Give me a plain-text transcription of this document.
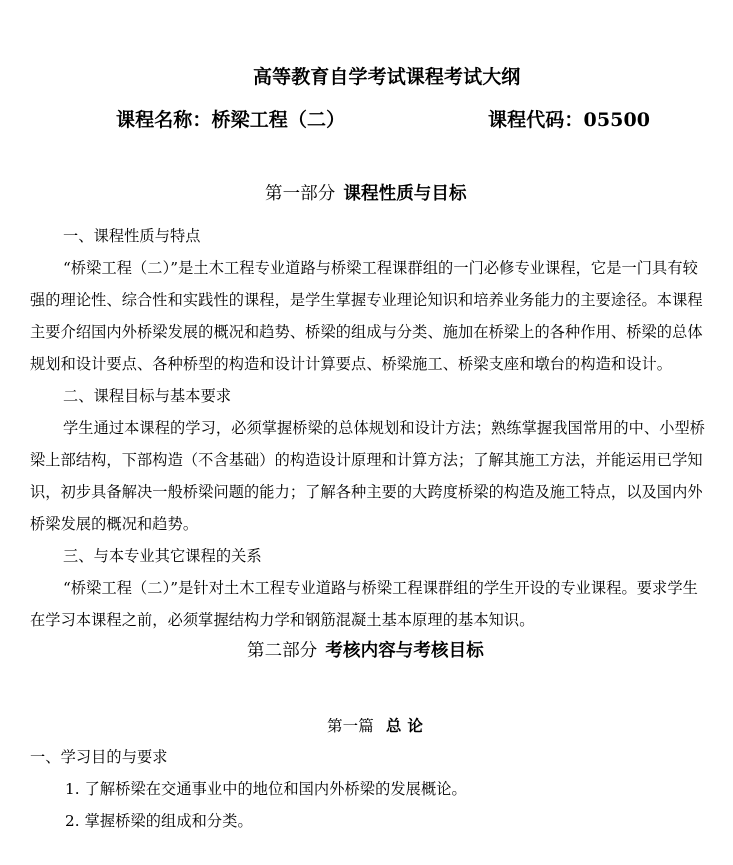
高等教育自学考试课程考试大纲
课程名称：桥梁工程（二）	课程代码：05500
第一部分 课程性质与目标
一、课程性质与特点
“桥梁工程（二）”是土木工程专业道路与桥梁工程课群组的一门必修专业课程，它是一门具有较
强的理论性、综合性和实践性的课程，是学生掌握专业理论知识和培养业务能力的主要途径。本课程
主要介绍国内外桥梁发展的概况和趋势、桥梁的组成与分类、施加在桥梁上的各种作用、桥梁的总体
规划和设计要点、各种桥型的构造和设计计算要点、桥梁施工、桥梁支座和墩台的构造和设计。
二、课程目标与基本要求
学生通过本课程的学习，必须掌握桥梁的总体规划和设计方法；熟练掌握我国常用的中、小型桥
梁上部结构，下部构造（不含基础）的构造设计原理和计算方法；了解其施工方法，并能运用已学知
识，初步具备解决一般桥梁问题的能力；了解各种主要的大跨度桥梁的构造及施工特点，以及国内外
桥梁发展的概况和趋势。
三、与本专业其它课程的关系
“桥梁工程（二）”是针对土木工程专业道路与桥梁工程课群组的学生开设的专业课程。要求学生
在学习本课程之前，必须掌握结构力学和钢筋混凝土基本原理的基本知识。
第二部分 考核内容与考核目标
第一篇 总论
一、学习目的与要求
1. 了解桥梁在交通事业中的地位和国内外桥梁的发展概论。
2. 掌握桥梁的组成和分类。
